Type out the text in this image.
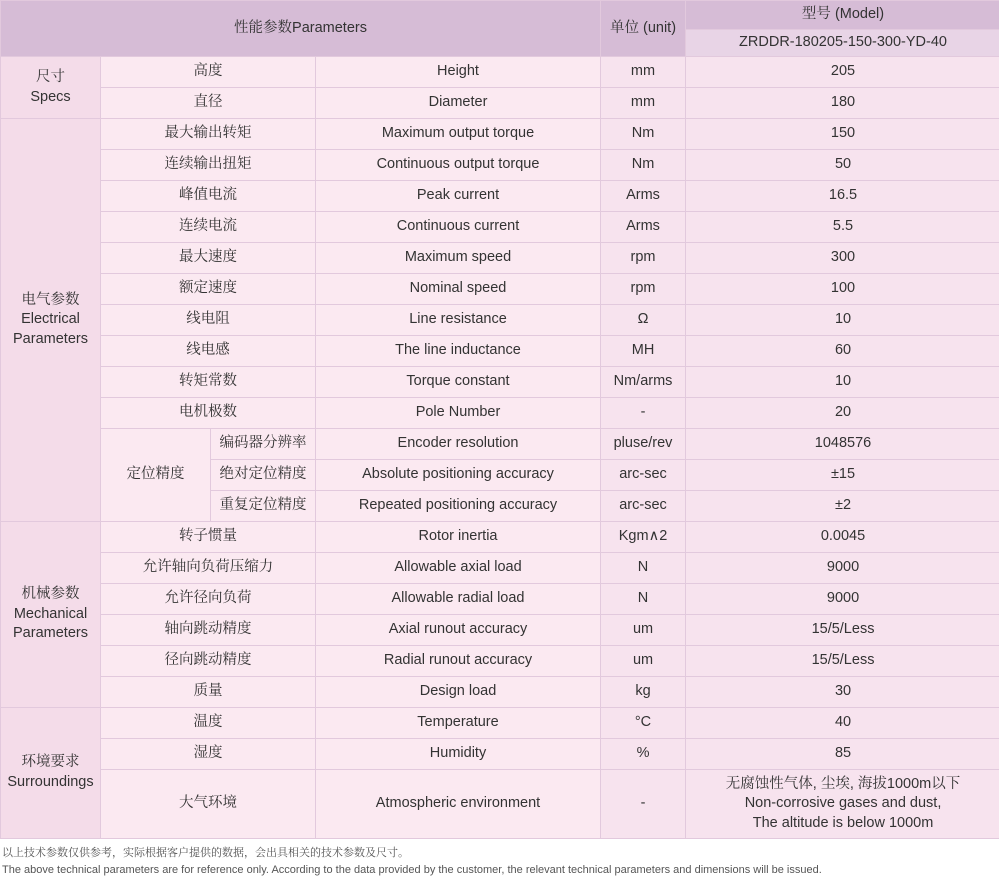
性能参数Parameters				单位 (unit)	型号 (Model)
					ZRDDR-180205-150-300-YD-40

尺寸
Specs	高度		Height	mm	205
	直径		Diameter	mm	180

电气参数
Electrical
Parameters	最大输出转矩		Maximum output torque	Nm	150
	连续输出扭矩		Continuous output torque	Nm	50
	峰值电流		Peak current	Arms	16.5
	连续电流		Continuous current	Arms	5.5
	最大速度		Maximum speed	rpm	300
	额定速度		Nominal speed	rpm	100
	线电阻		Line resistance	Ω	10
	线电感		The line inductance	MH	60
	转矩常数		Torque constant	Nm/arms	10
	电机极数		Pole Number	-	20
	定位精度	编码器分辨率	Encoder resolution	pluse/rev	1048576
		绝对定位精度	Absolute positioning accuracy	arc-sec	±15
		重复定位精度	Repeated positioning accuracy	arc-sec	±2

机械参数
Mechanical
Parameters	转子惯量		Rotor inertia	Kgm∧2	0.0045
	允许轴向负荷压缩力		Allowable axial load	N	9000
	允许径向负荷		Allowable radial load	N	9000
	轴向跳动精度		Axial runout accuracy	um	15/5/Less
	径向跳动精度		Radial runout accuracy	um	15/5/Less
	质量		Design load	kg	30

环境要求
Surroundings	温度		Temperature	°C	40
	湿度		Humidity	%	85
	大气环境		Atmospheric environment	-	无腐蚀性气体, 尘埃, 海拔1000m以下
Non-corrosive gases and dust,
The altitude is below 1000m
以上技术参数仅供参考，实际根据客户提供的数据，会出具相关的技术参数及尺寸。
The above technical parameters are for reference only. According to the data provided by the customer, the relevant technical parameters and dimensions will be issued.
